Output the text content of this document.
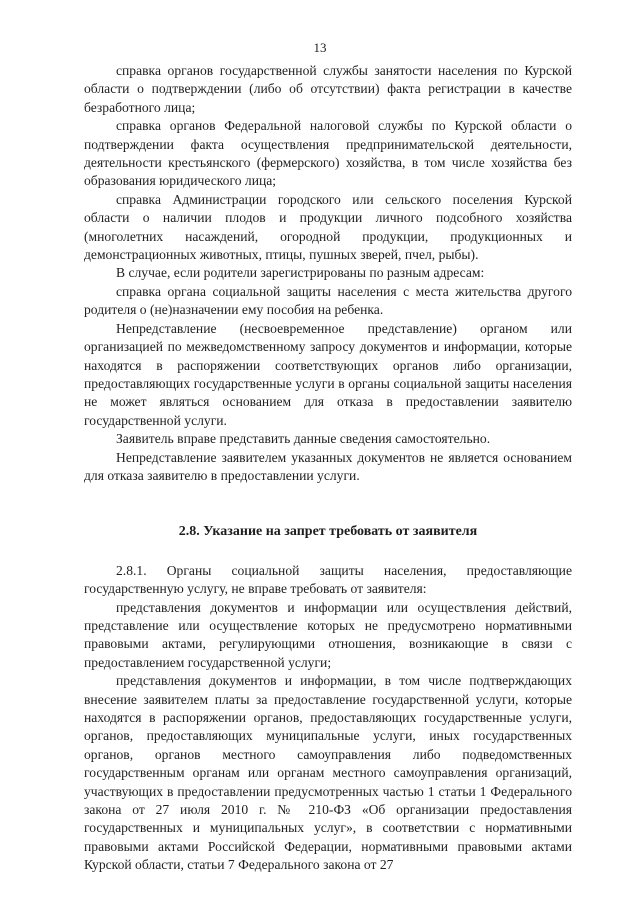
13

справка органов государственной службы занятости населения по Курской области о подтверждении (либо об отсутствии) факта регистрации в качестве безработного лица;

справка органов Федеральной налоговой службы по Курской области о подтверждении факта осуществления предпринимательской деятельности, деятельности крестьянского (фермерского) хозяйства, в том числе хозяйства без образования юридического лица;

справка Администрации городского или сельского поселения Курской области о наличии плодов и продукции личного подсобного хозяйства (многолетних насаждений, огородной продукции, продукционных и демонстрационных животных, птицы, пушных зверей, пчел, рыбы).

В случае, если родители зарегистрированы по разным адресам:

справка органа социальной защиты населения с места жительства другого родителя о (не)назначении ему пособия на ребенка.

Непредставление (несвоевременное представление) органом или организацией по межведомственному запросу документов и информации, которые находятся в распоряжении соответствующих органов либо организации, предоставляющих государственные услуги в органы социальной защиты населения не может являться основанием для отказа в предоставлении заявителю государственной услуги.

Заявитель вправе представить данные сведения самостоятельно.

Непредставление заявителем указанных документов не является основанием для отказа заявителю в предоставлении услуги.

2.8. Указание на запрет требовать от заявителя

2.8.1. Органы социальной защиты населения, предоставляющие государственную услугу, не вправе требовать от заявителя:

представления документов и информации или осуществления действий, представление или осуществление которых не предусмотрено нормативными правовыми актами, регулирующими отношения, возникающие в связи с предоставлением государственной услуги;

представления документов и информации, в том числе подтверждающих внесение заявителем платы за предоставление государственной услуги, которые находятся в распоряжении органов, предоставляющих государственные услуги, органов, предоставляющих муниципальные услуги, иных государственных органов, органов местного самоуправления либо подведомственных государственным органам или органам местного самоуправления организаций, участвующих в предоставлении предусмотренных частью 1 статьи 1 Федерального закона от 27 июля 2010 г. № 210-ФЗ «Об организации предоставления государственных и муниципальных услуг», в соответствии с нормативными правовыми актами Российской Федерации, нормативными правовыми актами Курской области, статьи 7 Федерального закона от 27
